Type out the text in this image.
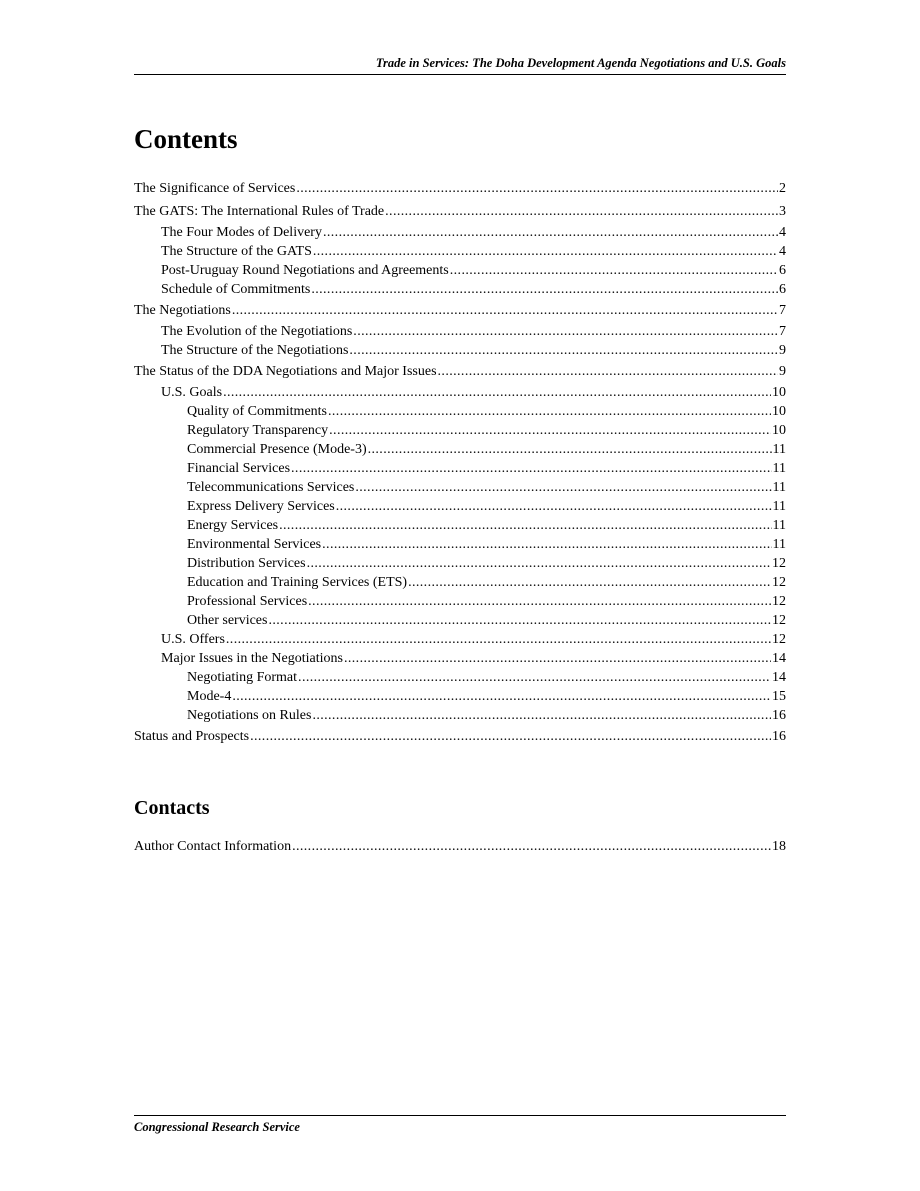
Trade in Services: The Doha Development Agenda Negotiations and U.S. Goals
Contents
The Significance of Services .....	2
The GATS: The International Rules of Trade .....	3
The Four Modes of Delivery .....	4
The Structure of the GATS .....	4
Post-Uruguay Round Negotiations and Agreements .....	6
Schedule of Commitments .....	6
The Negotiations .....	7
The Evolution of the Negotiations .....	7
The Structure of the Negotiations .....	9
The Status of the DDA Negotiations and Major Issues .....	9
U.S. Goals .....	10
Quality of Commitments .....	10
Regulatory Transparency .....	10
Commercial Presence (Mode-3) .....	11
Financial Services .....	11
Telecommunications Services .....	11
Express Delivery Services .....	11
Energy Services .....	11
Environmental Services .....	11
Distribution Services .....	12
Education and Training Services (ETS) .....	12
Professional Services .....	12
Other services .....	12
U.S. Offers .....	12
Major Issues in the Negotiations .....	14
Negotiating Format .....	14
Mode-4 .....	15
Negotiations on Rules .....	16
Status and Prospects .....	16
Contacts
Author Contact Information .....	18
Congressional Research Service
